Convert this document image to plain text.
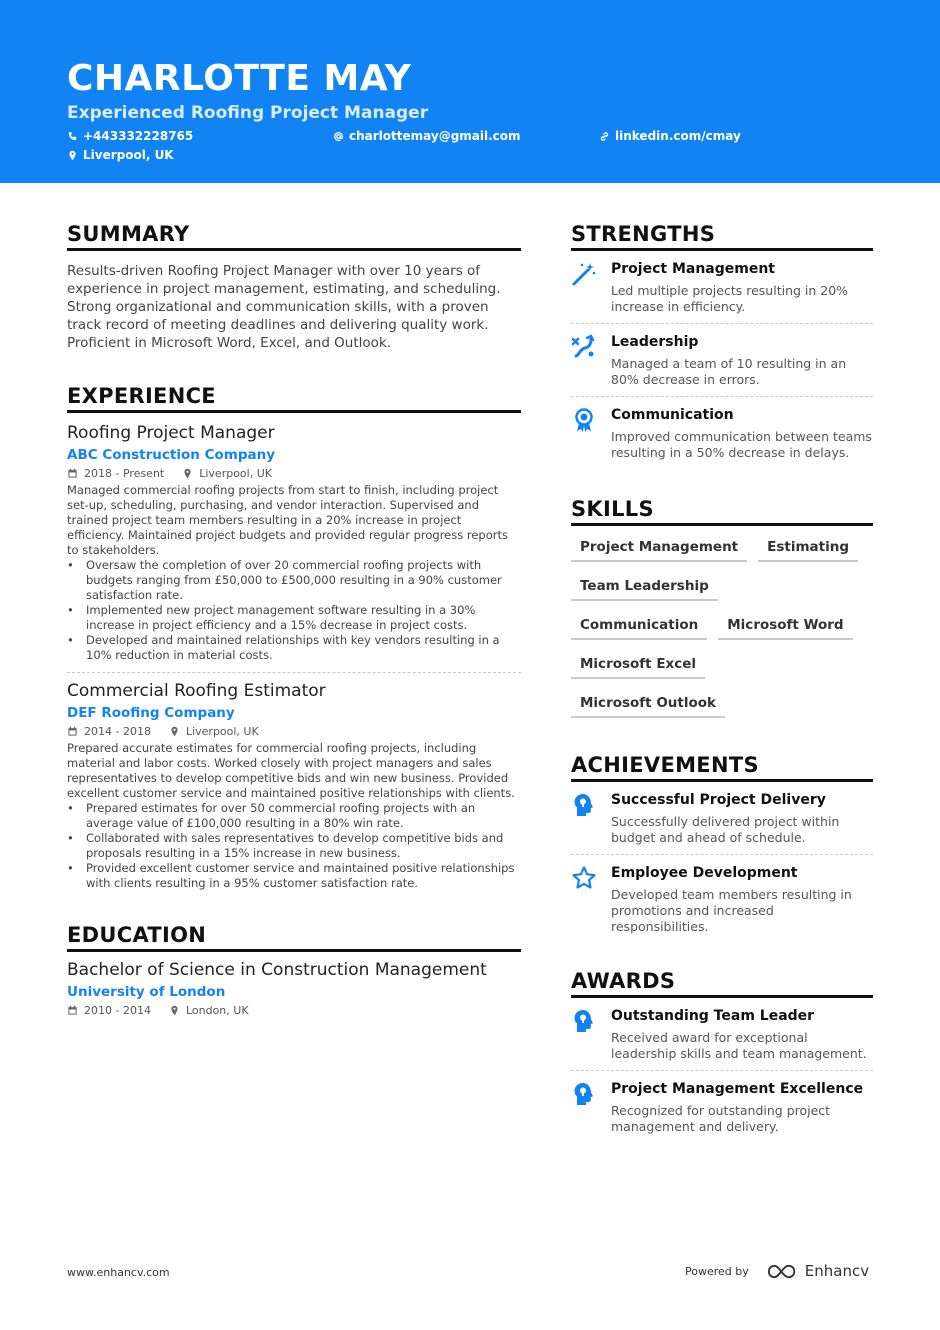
CHARLOTTE MAY
Experienced Roofing Project Manager
+443332228765	charlottemay@gmail.com	linkedin.com/cmay
Liverpool, UK
SUMMARY
Results-driven Roofing Project Manager with over 10 years of experience in project management, estimating, and scheduling. Strong organizational and communication skills, with a proven track record of meeting deadlines and delivering quality work. Proficient in Microsoft Word, Excel, and Outlook.
EXPERIENCE
Roofing Project Manager
ABC Construction Company
2018 - Present	Liverpool, UK
Managed commercial roofing projects from start to finish, including project set-up, scheduling, purchasing, and vendor interaction. Supervised and trained project team members resulting in a 20% increase in project efficiency. Maintained project budgets and provided regular progress reports to stakeholders.
• Oversaw the completion of over 20 commercial roofing projects with budgets ranging from £50,000 to £500,000 resulting in a 90% customer satisfaction rate.
• Implemented new project management software resulting in a 30% increase in project efficiency and a 15% decrease in project costs.
• Developed and maintained relationships with key vendors resulting in a 10% reduction in material costs.
Commercial Roofing Estimator
DEF Roofing Company
2014 - 2018	Liverpool, UK
Prepared accurate estimates for commercial roofing projects, including material and labor costs. Worked closely with project managers and sales representatives to develop competitive bids and win new business. Provided excellent customer service and maintained positive relationships with clients.
• Prepared estimates for over 50 commercial roofing projects with an average value of £100,000 resulting in a 80% win rate.
• Collaborated with sales representatives to develop competitive bids and proposals resulting in a 15% increase in new business.
• Provided excellent customer service and maintained positive relationships with clients resulting in a 95% customer satisfaction rate.
EDUCATION
Bachelor of Science in Construction Management
University of London
2010 - 2014	London, UK
STRENGTHS
Project Management
Led multiple projects resulting in 20% increase in efficiency.
Leadership
Managed a team of 10 resulting in an 80% decrease in errors.
Communication
Improved communication between teams resulting in a 50% decrease in delays.
SKILLS
Project Management	Estimating
Team Leadership
Communication	Microsoft Word
Microsoft Excel
Microsoft Outlook
ACHIEVEMENTS
Successful Project Delivery
Successfully delivered project within budget and ahead of schedule.
Employee Development
Developed team members resulting in promotions and increased responsibilities.
AWARDS
Outstanding Team Leader
Received award for exceptional leadership skills and team management.
Project Management Excellence
Recognized for outstanding project management and delivery.
www.enhancv.com	Powered by	Enhancv
